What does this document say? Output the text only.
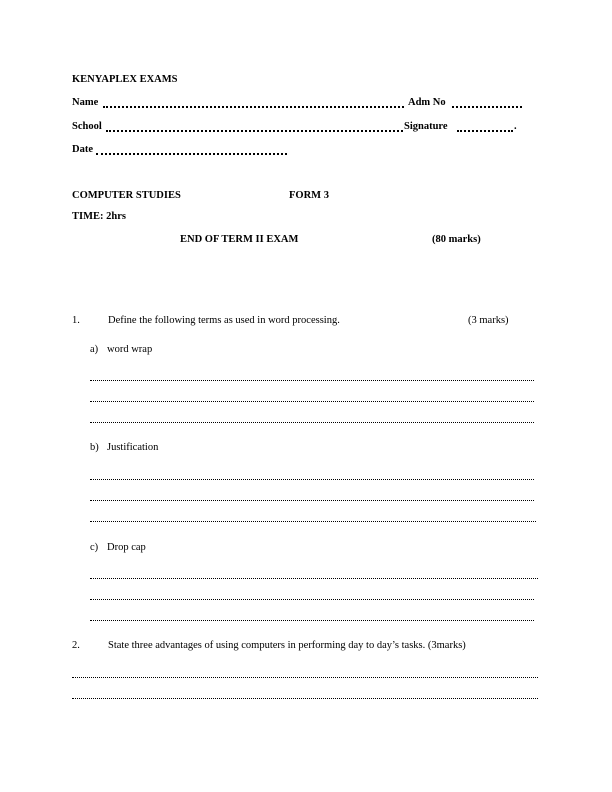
KENYAPLEX EXAMS
Name	Adm No
School	Signature	.
Date
COMPUTER STUDIES	FORM 3
TIME: 2hrs
END OF TERM II EXAM	(80 marks)
1.	Define the following terms as used in word processing.	(3 marks)
a) word wrap
b) Justification
c) Drop cap
2.	State three advantages of using computers in performing day to day’s tasks. (3marks)
